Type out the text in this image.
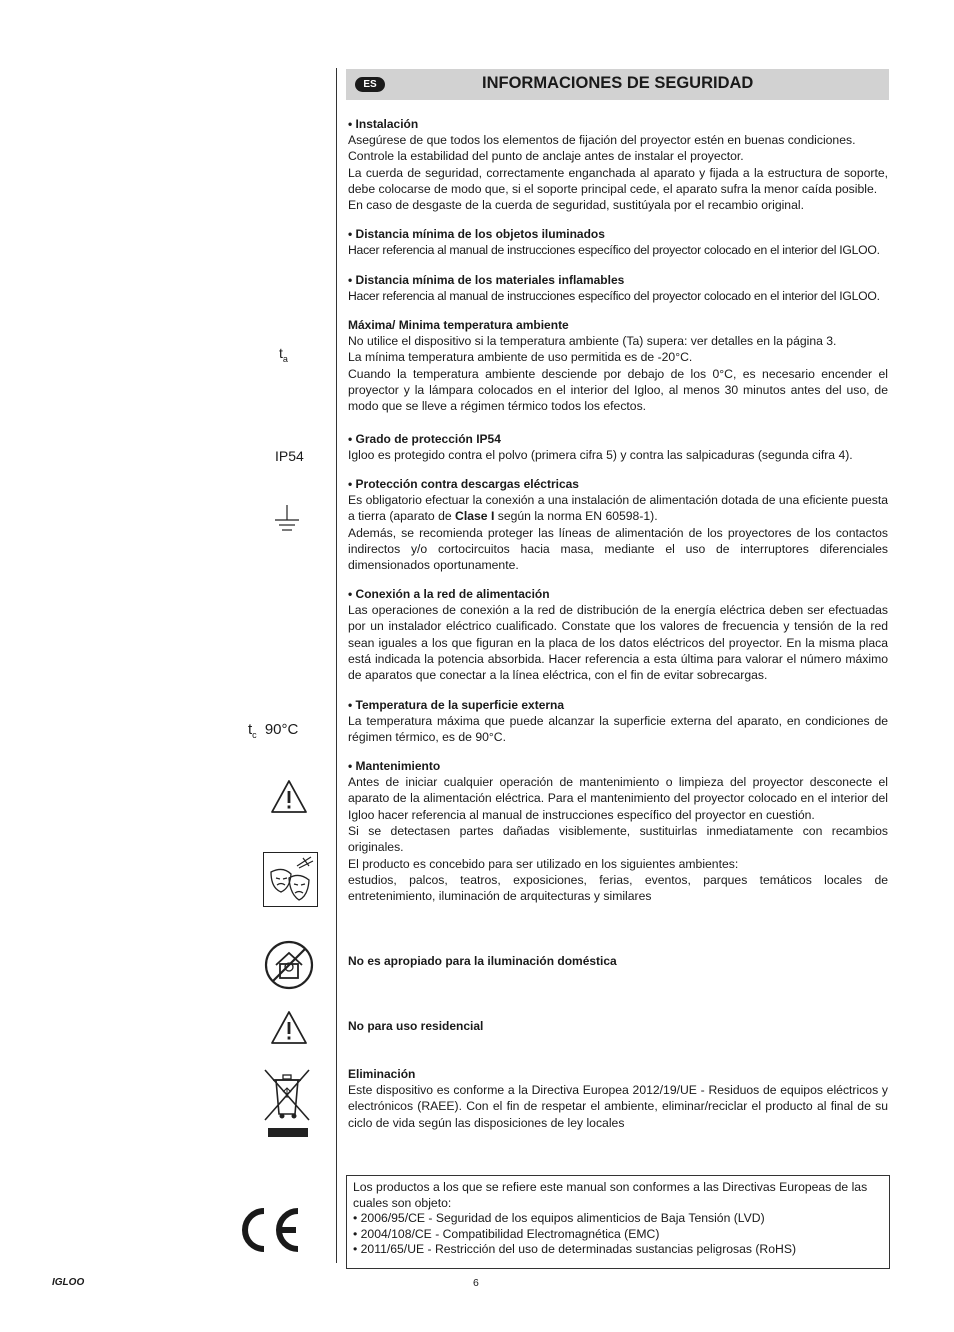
ES	INFORMACIONES DE SEGURIDAD
$t_a$
IP54
$t_c$ 90°C

• Instalación

Asegúrese de que todos los elementos de fijación del proyector estén en buenas condiciones.

Controle la estabilidad del punto de anclaje antes de instalar el proyector.

La cuerda de seguridad, correctamente enganchada al aparato y fijada a la estructura de soporte, debe colocarse de modo que, si el soporte principal cede, el aparato sufra la menor caída posible.

En caso de desgaste de la cuerda de seguridad, sustitúyala por el recambio original.

• Distancia mínima de los objetos iluminados

Hacer referencia al manual de instrucciones específico del proyector colocado en el interior del IGLOO.

• Distancia mínima de los materiales inflamables

Hacer referencia al manual de instrucciones específico del proyector colocado en el interior del IGLOO.

Máxima/ Minima temperatura ambiente

No utilice el dispositivo si la temperatura ambiente (Ta) supera: ver detalles en la página 3.

La mínima temperatura ambiente de uso permitida es de -20°C.

Cuando la temperatura ambiente desciende por debajo de los 0°C, es necesario encender el proyector y la lámpara colocados en el interior del Igloo, al menos 30 minutos antes del uso, de modo que se lleve a régimen térmico todos los efectos.

• Grado de protección IP54

Igloo es protegido contra el polvo (primera cifra 5) y contra las salpicaduras (segunda cifra 4).

• Protección contra descargas eléctricas

Es obligatorio efectuar la conexión a una instalación de alimentación dotada de una eficiente puesta a tierra (aparato de Clase I según la norma EN 60598-1).

Además, se recomienda proteger las líneas de alimentación de los proyectores de los contactos indirectos y/o cortocircuitos hacia masa, mediante el uso de interruptores diferenciales dimensionados oportunamente.

• Conexión a la red de alimentación

Las operaciones de conexión a la red de distribución de la energía eléctrica deben ser efectuadas por un instalador eléctrico cualificado. Constate que los valores de frecuencia y tensión de la red sean iguales a los que figuran en la placa de los datos eléctricos del proyector. En la misma placa está indicada la potencia absorbida. Hacer referencia a esta última para valorar el número máximo de aparatos que conectar a la línea eléctrica, con el fin de evitar sobrecargas.

• Temperatura de la superficie externa

La temperatura máxima que puede alcanzar la superficie externa del aparato, en condiciones de régimen térmico, es de 90°C.

• Mantenimiento

Antes de iniciar cualquier operación de mantenimiento o limpieza del proyector desconecte el aparato de la alimentación eléctrica. Para el mantenimiento del proyector colocado en el interior del Igloo hacer referencia al manual de instrucciones específico del proyector en cuestión.

Si se detectasen partes dañadas visiblemente, sustituirlas inmediatamente con recambios originales.

El producto es concebido para ser utilizado en los siguientes ambientes:

estudios, palcos, teatros, exposiciones, ferias, eventos, parques temáticos locales de entretenimiento, iluminación de arquitecturas y similares

No es apropiado para la iluminación doméstica

No para uso residencial

Eliminación

Este dispositivo es conforme a la Directiva Europea 2012/19/UE - Residuos de equipos eléctricos y electrónicos (RAEE). Con el fin de respetar el ambiente, eliminar/reciclar el producto al final de su ciclo de vida según las disposiciones de ley locales

Los productos a los que se refiere este manual son conformes a las Directivas Europeas de las cuales son objeto:

• 2006/95/CE - Seguridad de los equipos alimenticios de Baja Tensión (LVD)

• 2004/108/CE - Compatibilidad Electromagnética (EMC)

• 2011/65/UE - Restricción del uso de determinadas sustancias peligrosas (RoHS)

IGLOO	6
